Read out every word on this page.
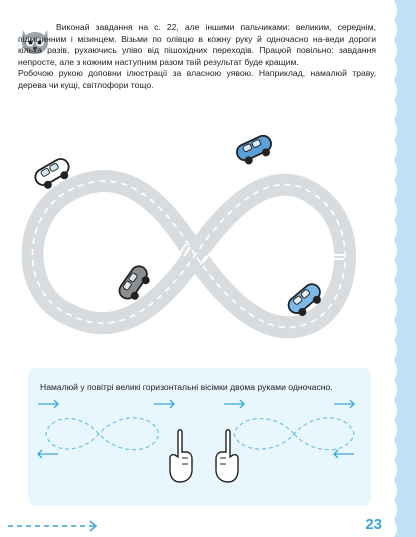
Виконай завдання на с. 22, але іншими пальчиками: великим, середнім, підмізинним і мізинцем. Візьми по олівцю в кожну руку й одночасно на-веди дороги кілька разів, рухаючись уліво від пішохідних переходів. Працюй повільно: завдання непросте, але з кожним наступним разом твій результат буде кращим.

Робочою рукою доповни ілюстрації за власною уявою. Наприклад, намалюй траву, дерева чи кущі, світлофори тощо.

Намалюй у повітрі великі горизонтальні вісімки двома руками одночасно.
23
